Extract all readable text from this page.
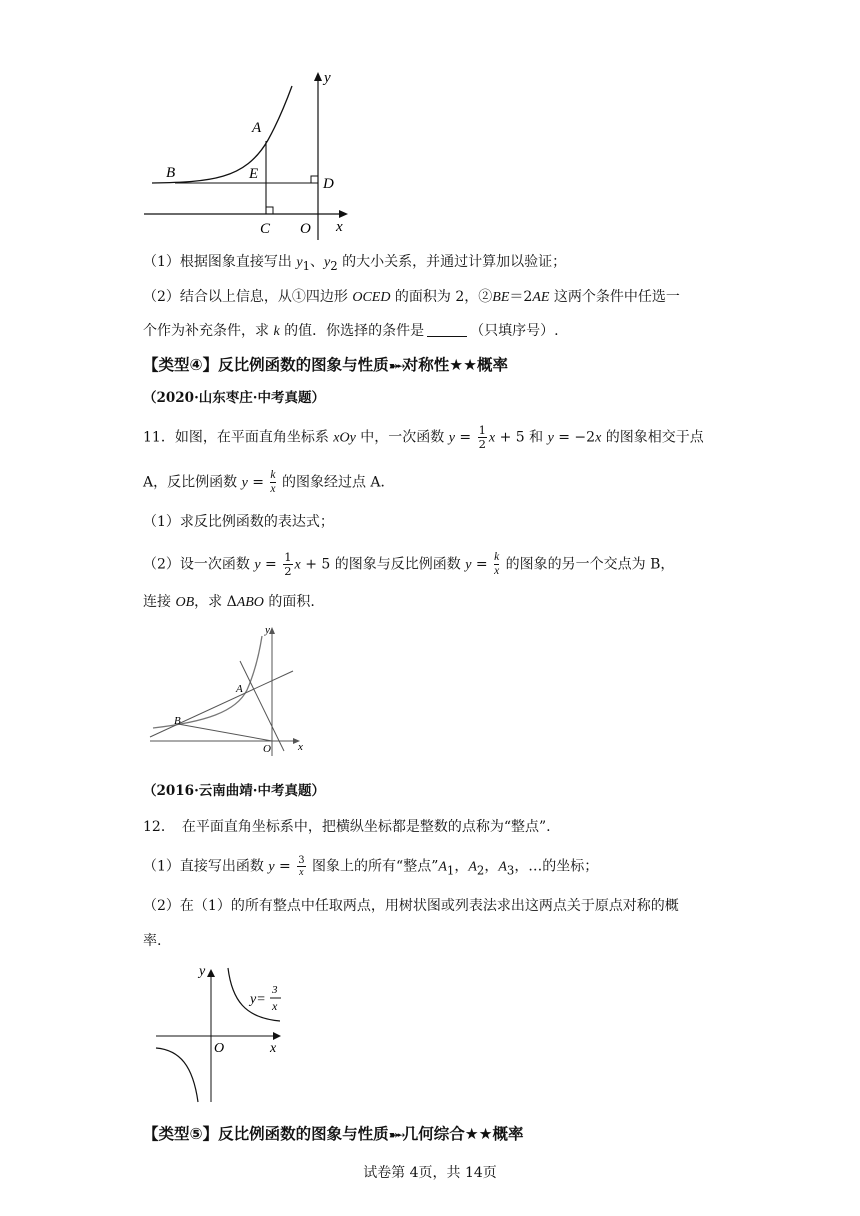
A
B	E
D
C O x
y
（1）根据图象直接写出 $y_1$、$y_2$ 的大小关系，并通过计算加以验证；
（2）结合以上信息，从①四边形 OCED 的面积为 2，②BE＝2AE 这两个条件中任选一
个作为补充条件，求 k 的值．你选择的条件是	（只填序号）.
【类型④】反比例函数的图象与性质➽➻对称性★★概率
（2020·山东枣庄·中考真题）
11．如图，在平面直角坐标系 xOy 中，一次函数 $y = \frac{1}{2}$ x + 5 和 y = −2x 的图象相交于点
A，反比例函数 $y = \frac{k}{x}$ 的图象经过点 A．
（1）求反比例函数的表达式；
（2）设一次函数 $y = \frac{1}{2}$ x + 5 的图象与反比例函数 $y = \frac{k}{x}$ 的图象的另一个交点为 B，
连接 OB，求 ΔABO 的面积.
y
A
B
O x
（2016·云南曲靖·中考真题）
12．　在平面直角坐标系中，把横纵坐标都是整数的点称为“整点”.
（1）直接写出函数 $y = \frac{3}{x}$ 图象上的所有“整点$”A_1$，$A_2$，$A_3$，…的坐标；
（2）在（1）的所有整点中任取两点，用树状图或列表法求出这两点关于原点对称的概
率.
y
O	x
y=
3
x
【类型⑤】反比例函数的图象与性质➽➻几何综合★★概率
试卷第 4页，共 14页
